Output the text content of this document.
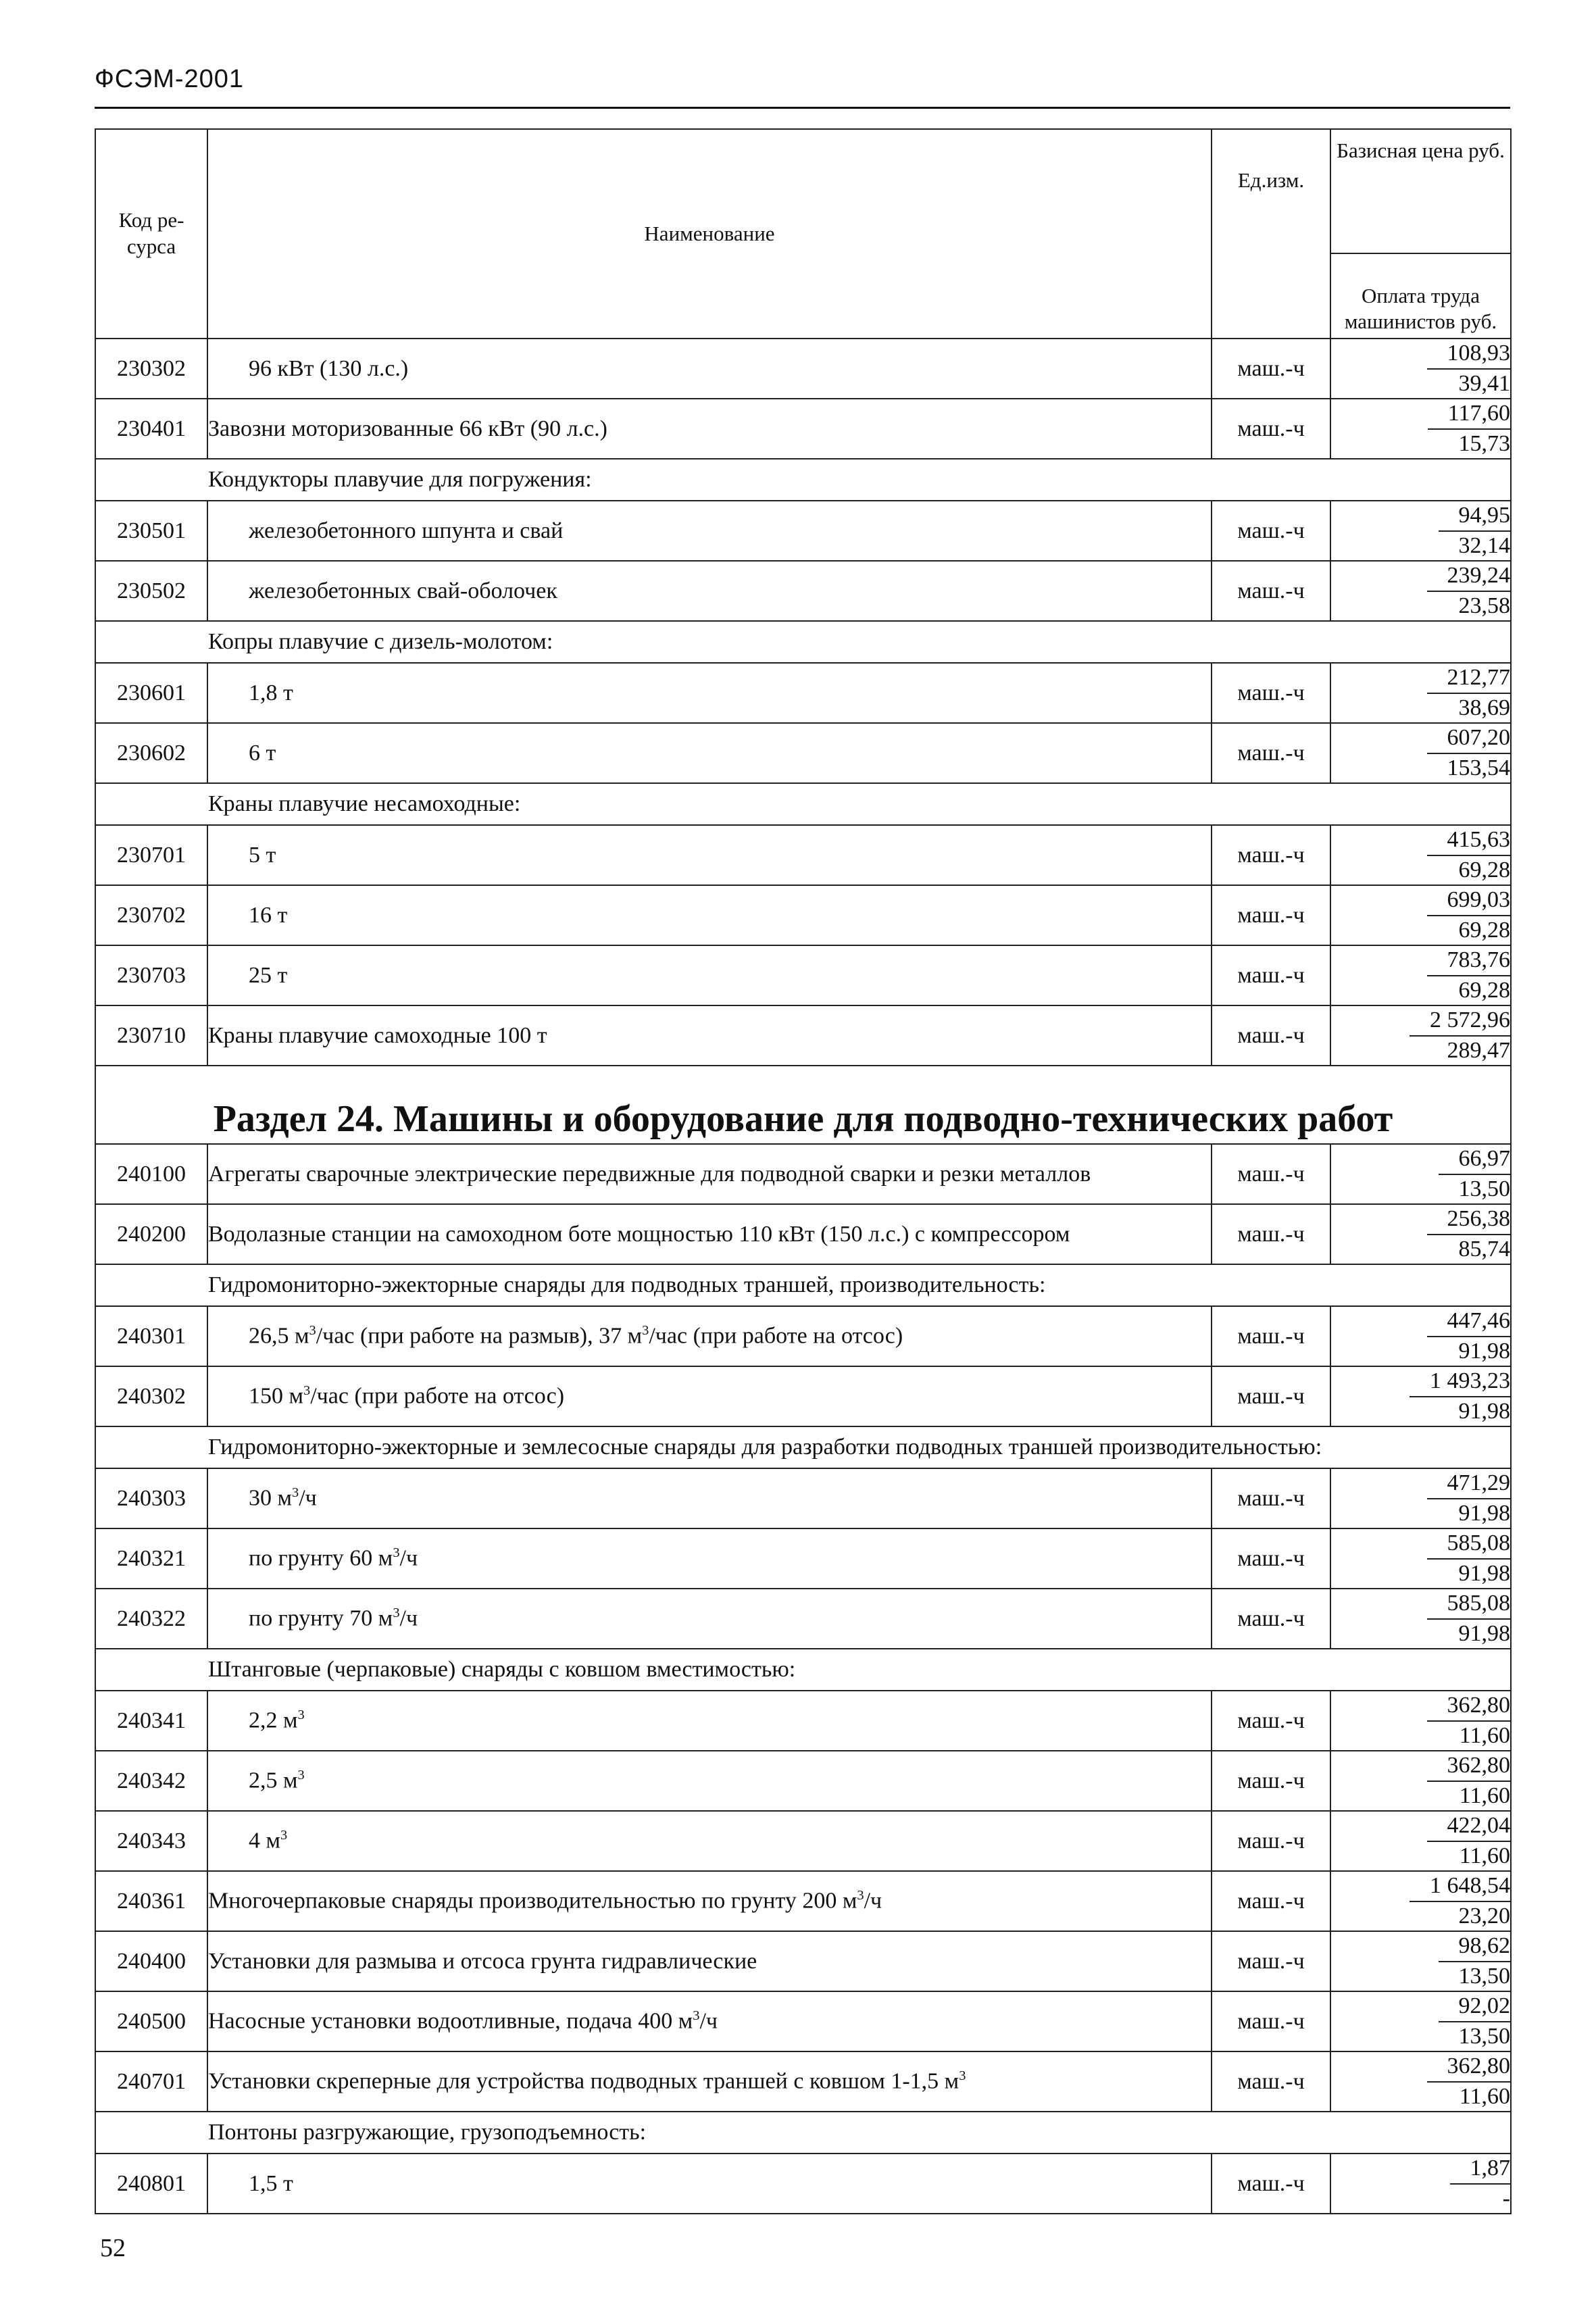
ФСЭМ-2001
Код ре-сурса	Наименование	Ед.изм.	Базисная цена руб.
			Оплата труда машинистов руб.
230302	96 кВт (130 л.с.)	маш.-ч	108,93
39,41

230401	Завозни моторизованные 66 кВт (90 л.с.)	маш.-ч	117,60
15,73

Кондукторы плавучие для погружения:			
230501	железобетонного шпунта и свай	маш.-ч	94,95
32,14

230502	железобетонных свай-оболочек	маш.-ч	239,24
23,58

Копры плавучие с дизель-молотом:			
230601	1,8 т	маш.-ч	212,77
38,69

230602	6 т	маш.-ч	607,20
153,54

Краны плавучие несамоходные:			
230701	5 т	маш.-ч	415,63
69,28

230702	16 т	маш.-ч	699,03
69,28

230703	25 т	маш.-ч	783,76
69,28

230710	Краны плавучие самоходные 100 т	маш.-ч	2 572,96
289,47

Раздел 24. Машины и оборудование для подводно-технических работ			
240100	Агрегаты сварочные электрические передвижные для подводной сварки и резки металлов	маш.-ч	66,97
13,50

240200	Водолазные станции на самоходном боте мощностью 110 кВт (150 л.с.) с компрессором	маш.-ч	256,38
85,74

Гидромониторно-эжекторные снаряды для подводных траншей, производительность:			
240301	26,5 $м^3$/час (при работе на размыв), 37 $м^3$/час (при работе на отсос)	маш.-ч	447,46
91,98

240302	150 $м^3$/час (при работе на отсос)	маш.-ч	1 493,23
91,98

Гидромониторно-эжекторные и землесосные снаряды для разработки подводных траншей производительностью:			
240303	30 $м^3/ч$	маш.-ч	471,29
91,98

240321	по грунту 60 $м^3/ч$	маш.-ч	585,08
91,98

240322	по грунту 70 $м^3/ч$	маш.-ч	585,08
91,98

Штанговые (черпаковые) снаряды с ковшом вместимостью:			
240341	2,2 $м^3$	маш.-ч	362,80
11,60

240342	2,5 $м^3$	маш.-ч	362,80
11,60

240343	4 $м^3$	маш.-ч	422,04
11,60

240361	Многочерпаковые снаряды производительностью по грунту 200 $м^3/ч$	маш.-ч	1 648,54
23,20

240400	Установки для размыва и отсоса грунта гидравлические	маш.-ч	98,62
13,50

240500	Насосные установки водоотливные, подача 400 $м^3/ч$	маш.-ч	92,02
13,50

240701	Установки скреперные для устройства подводных траншей с ковшом 1-1,5 $м^3$	маш.-ч	362,80
11,60

Понтоны разгружающие, грузоподъемность:			
240801	1,5 т	маш.-ч	1,87
-
52
